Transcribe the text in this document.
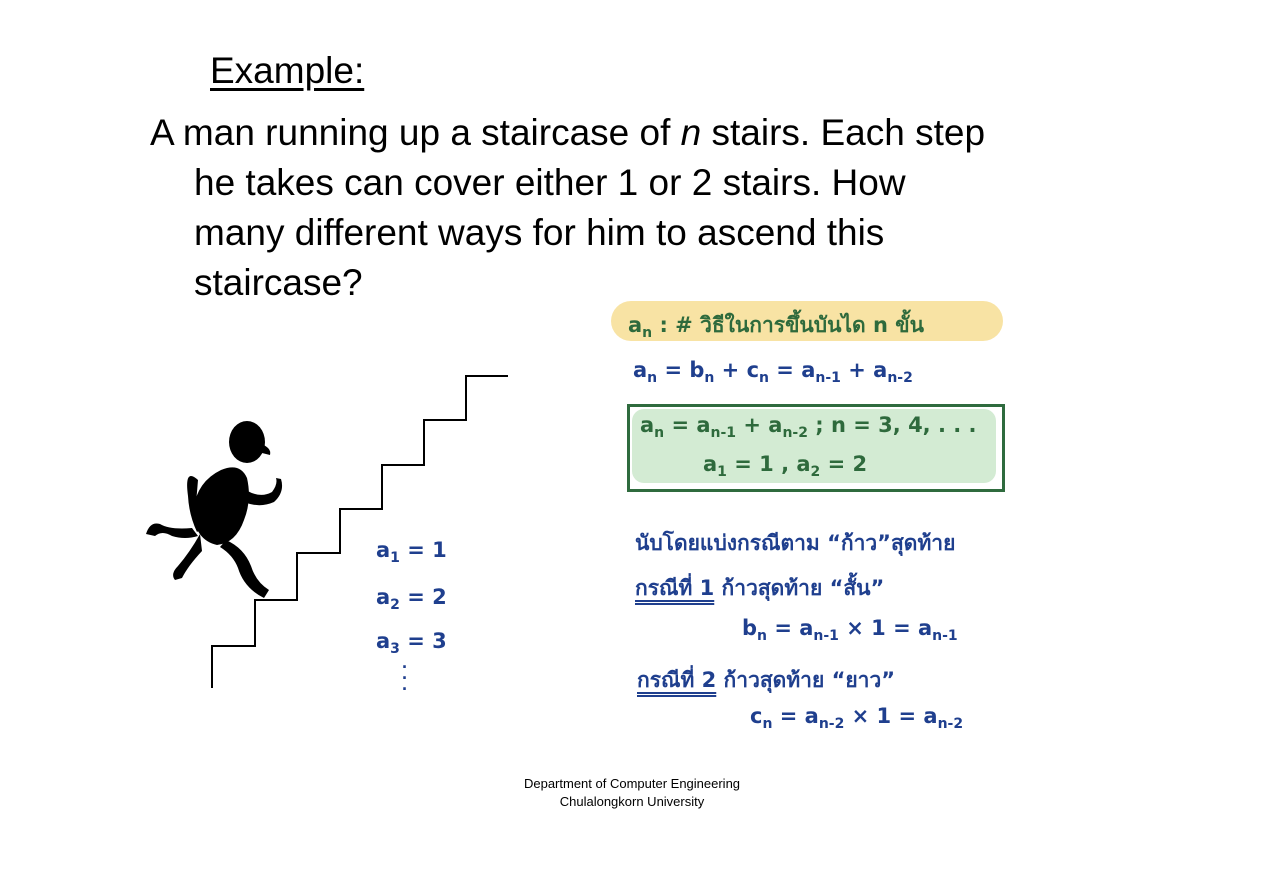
Example:
A man running up a staircase of n stairs. Each step
he takes can cover either 1 or 2 stairs. How
many different ways for him to ascend this
staircase?
$a_n$ : # วิธีในการขึ้นบันได n ขั้น
$a_n = b_n + c_n = a_{n-1} + a_{n-2}$
$a_n = a_{n-1} + a_{n-2}$ ; n = 3, 4, . . .
$a_1 = 1$ , $a_2 = 2$
นับโดยแบ่งกรณีตาม “ก้าว”สุดท้าย
กรณีที่ 1 ก้าวสุดท้าย “สั้น”
$b_n = a_{n-1} \times 1 = a_{n-1}$
กรณีที่ 2 ก้าวสุดท้าย “ยาว”
$c_n = a_{n-2} \times 1 = a_{n-2}$
$a_1 = 1$
$a_2 = 2$
$a_3 = 3$
·
·
·
Department of Computer Engineering
Chulalongkorn University
